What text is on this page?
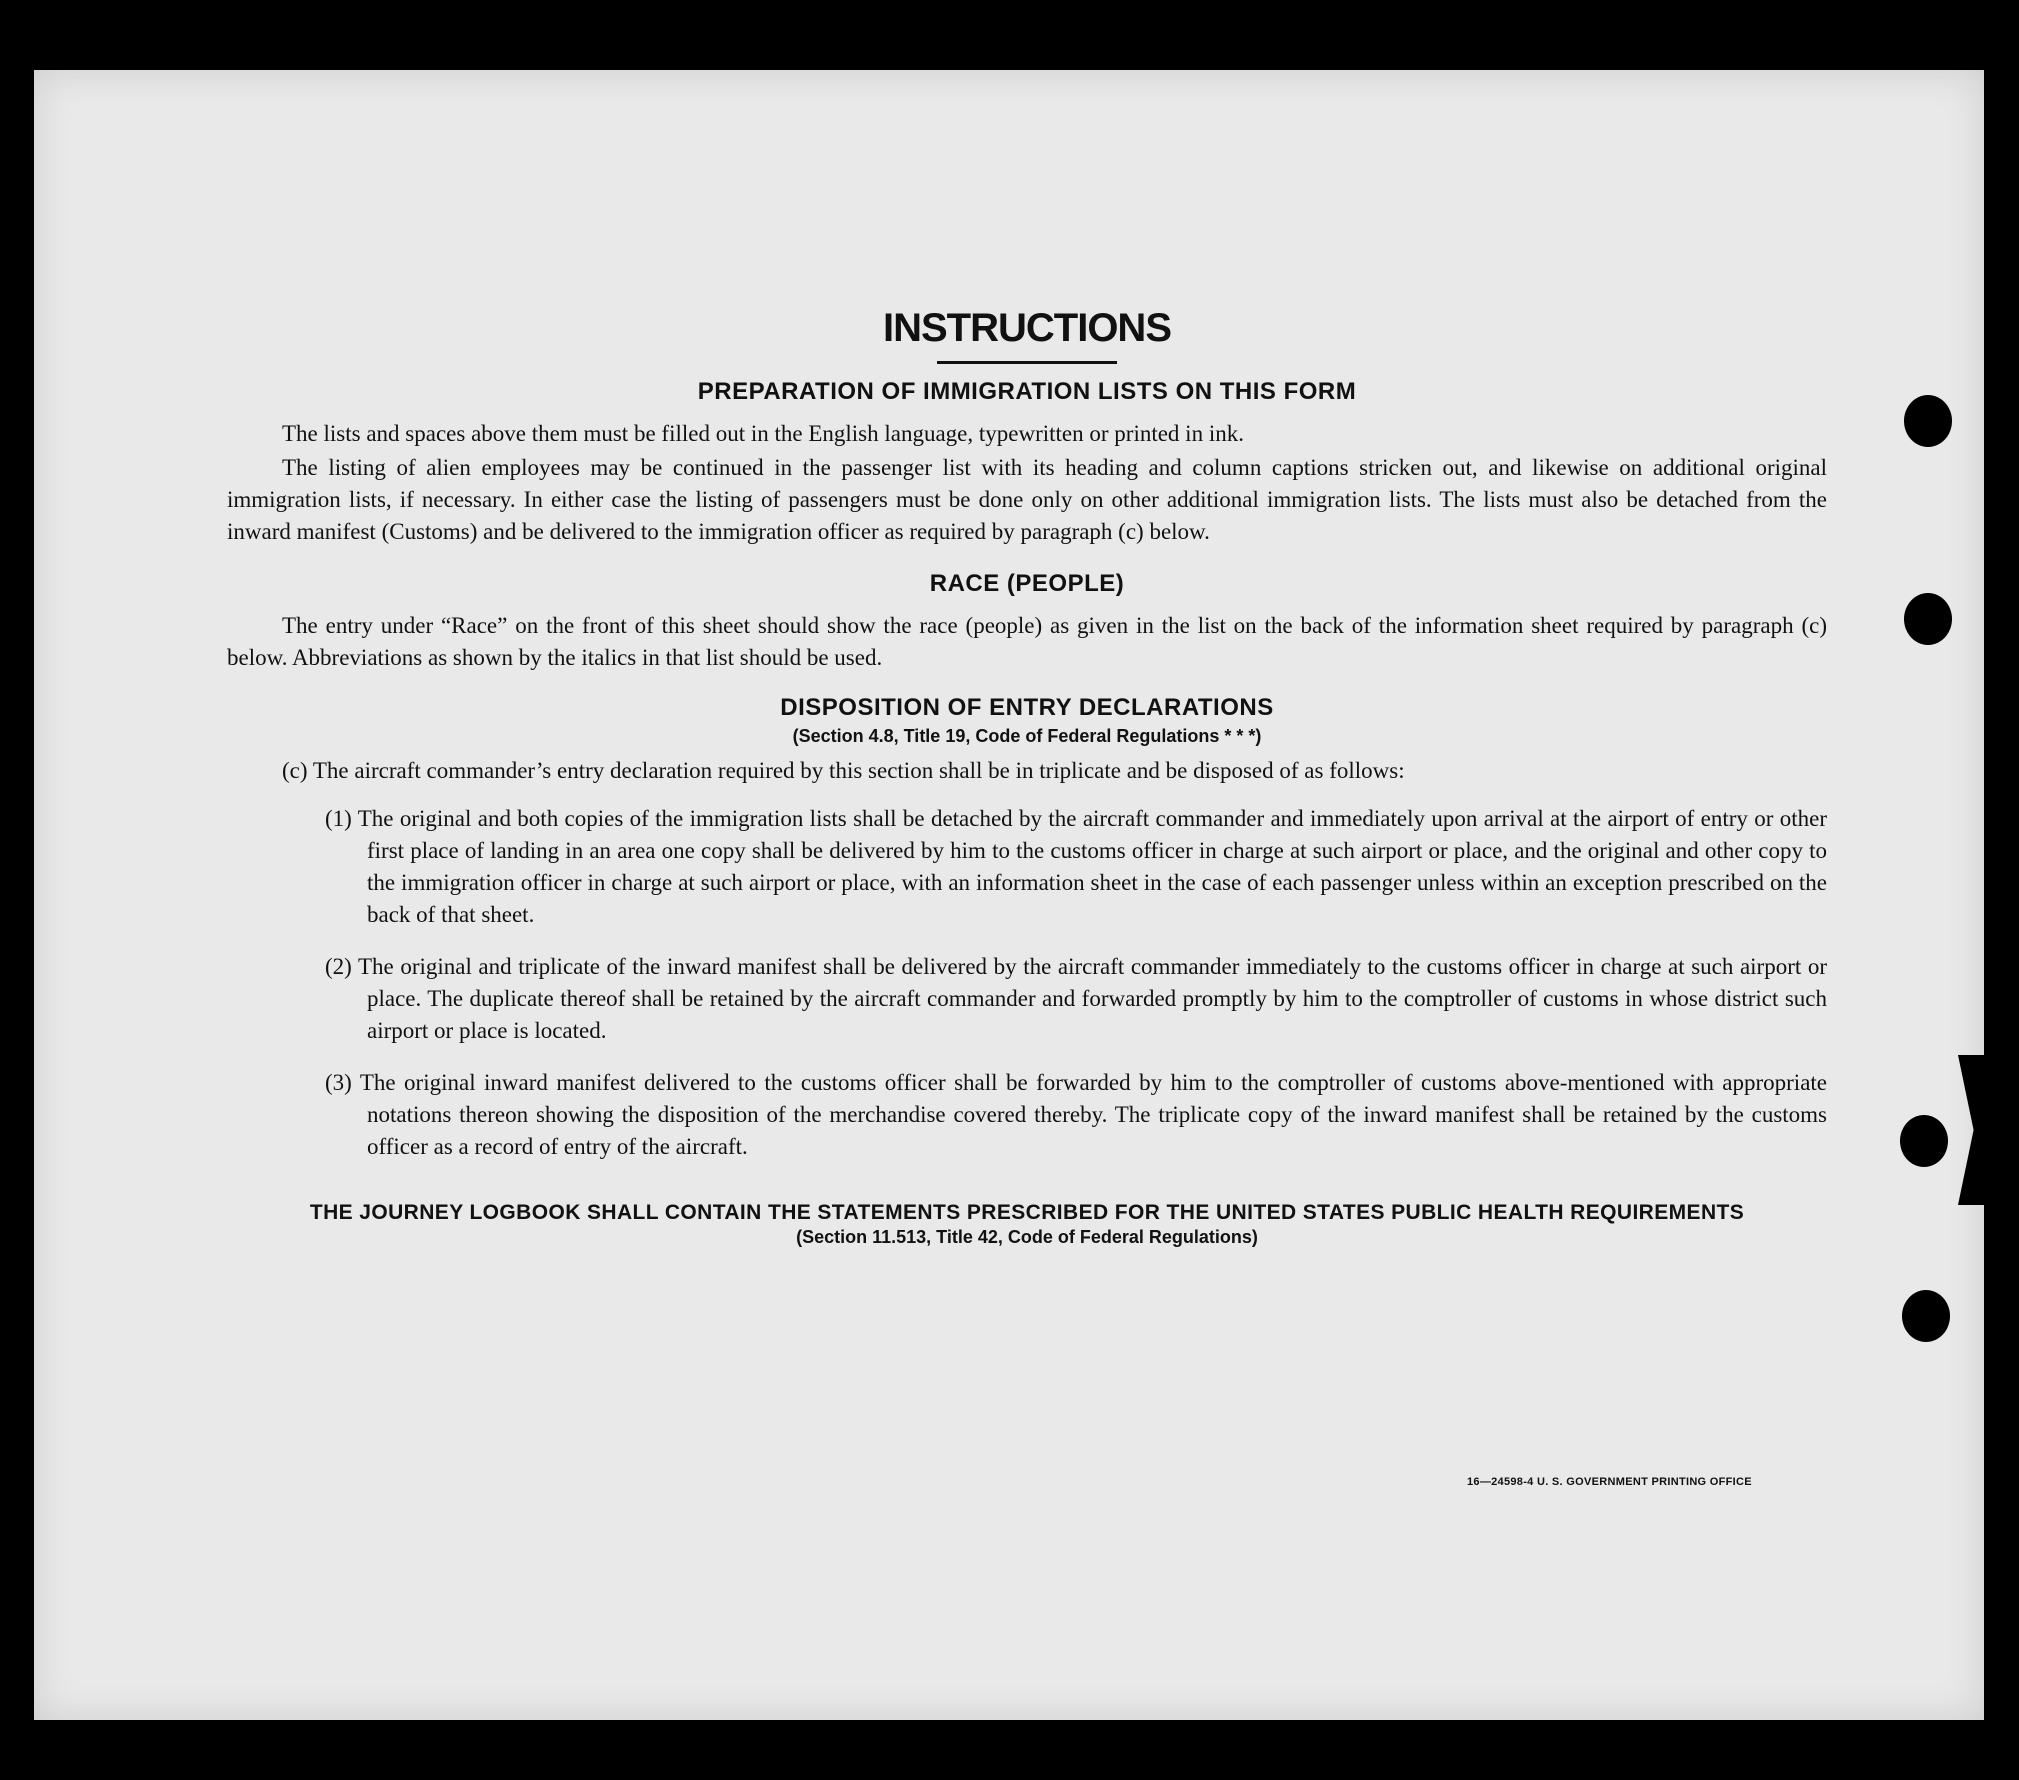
INSTRUCTIONS
PREPARATION OF IMMIGRATION LISTS ON THIS FORM

The lists and spaces above them must be filled out in the English language, typewritten or printed in ink.

The listing of alien employees may be continued in the passenger list with its heading and column captions stricken out, and likewise on additional original immigration lists, if necessary. In either case the listing of passengers must be done only on other additional immigration lists. The lists must also be detached from the inward manifest (Customs) and be delivered to the immigration officer as required by paragraph (c) below.

RACE (PEOPLE)

The entry under “Race” on the front of this sheet should show the race (people) as given in the list on the back of the information sheet required by paragraph (c) below. Abbreviations as shown by the italics in that list should be used.

DISPOSITION OF ENTRY DECLARATIONS
(Section 4.8, Title 19, Code of Federal Regulations * * *)
(c) The aircraft commander’s entry declaration required by this section shall be in triplicate and be disposed of as follows:
(1) The original and both copies of the immigration lists shall be detached by the aircraft commander and immediately upon arrival at the airport of entry or other first place of landing in an area one copy shall be delivered by him to the customs officer in charge at such airport or place, and the original and other copy to the immigration officer in charge at such airport or place, with an information sheet in the case of each passenger unless within an exception prescribed on the back of that sheet.
(2) The original and triplicate of the inward manifest shall be delivered by the aircraft commander immediately to the customs officer in charge at such airport or place. The duplicate thereof shall be retained by the aircraft commander and forwarded promptly by him to the comptroller of customs in whose district such airport or place is located.
(3) The original inward manifest delivered to the customs officer shall be forwarded by him to the comptroller of customs above-mentioned with appropriate notations thereon showing the disposition of the merchandise covered thereby. The triplicate copy of the inward manifest shall be retained by the customs officer as a record of entry of the aircraft.
THE JOURNEY LOGBOOK SHALL CONTAIN THE STATEMENTS PRESCRIBED FOR THE UNITED STATES PUBLIC HEALTH REQUIREMENTS
(Section 11.513, Title 42, Code of Federal Regulations)
16—24598-4 U. S. GOVERNMENT PRINTING OFFICE
